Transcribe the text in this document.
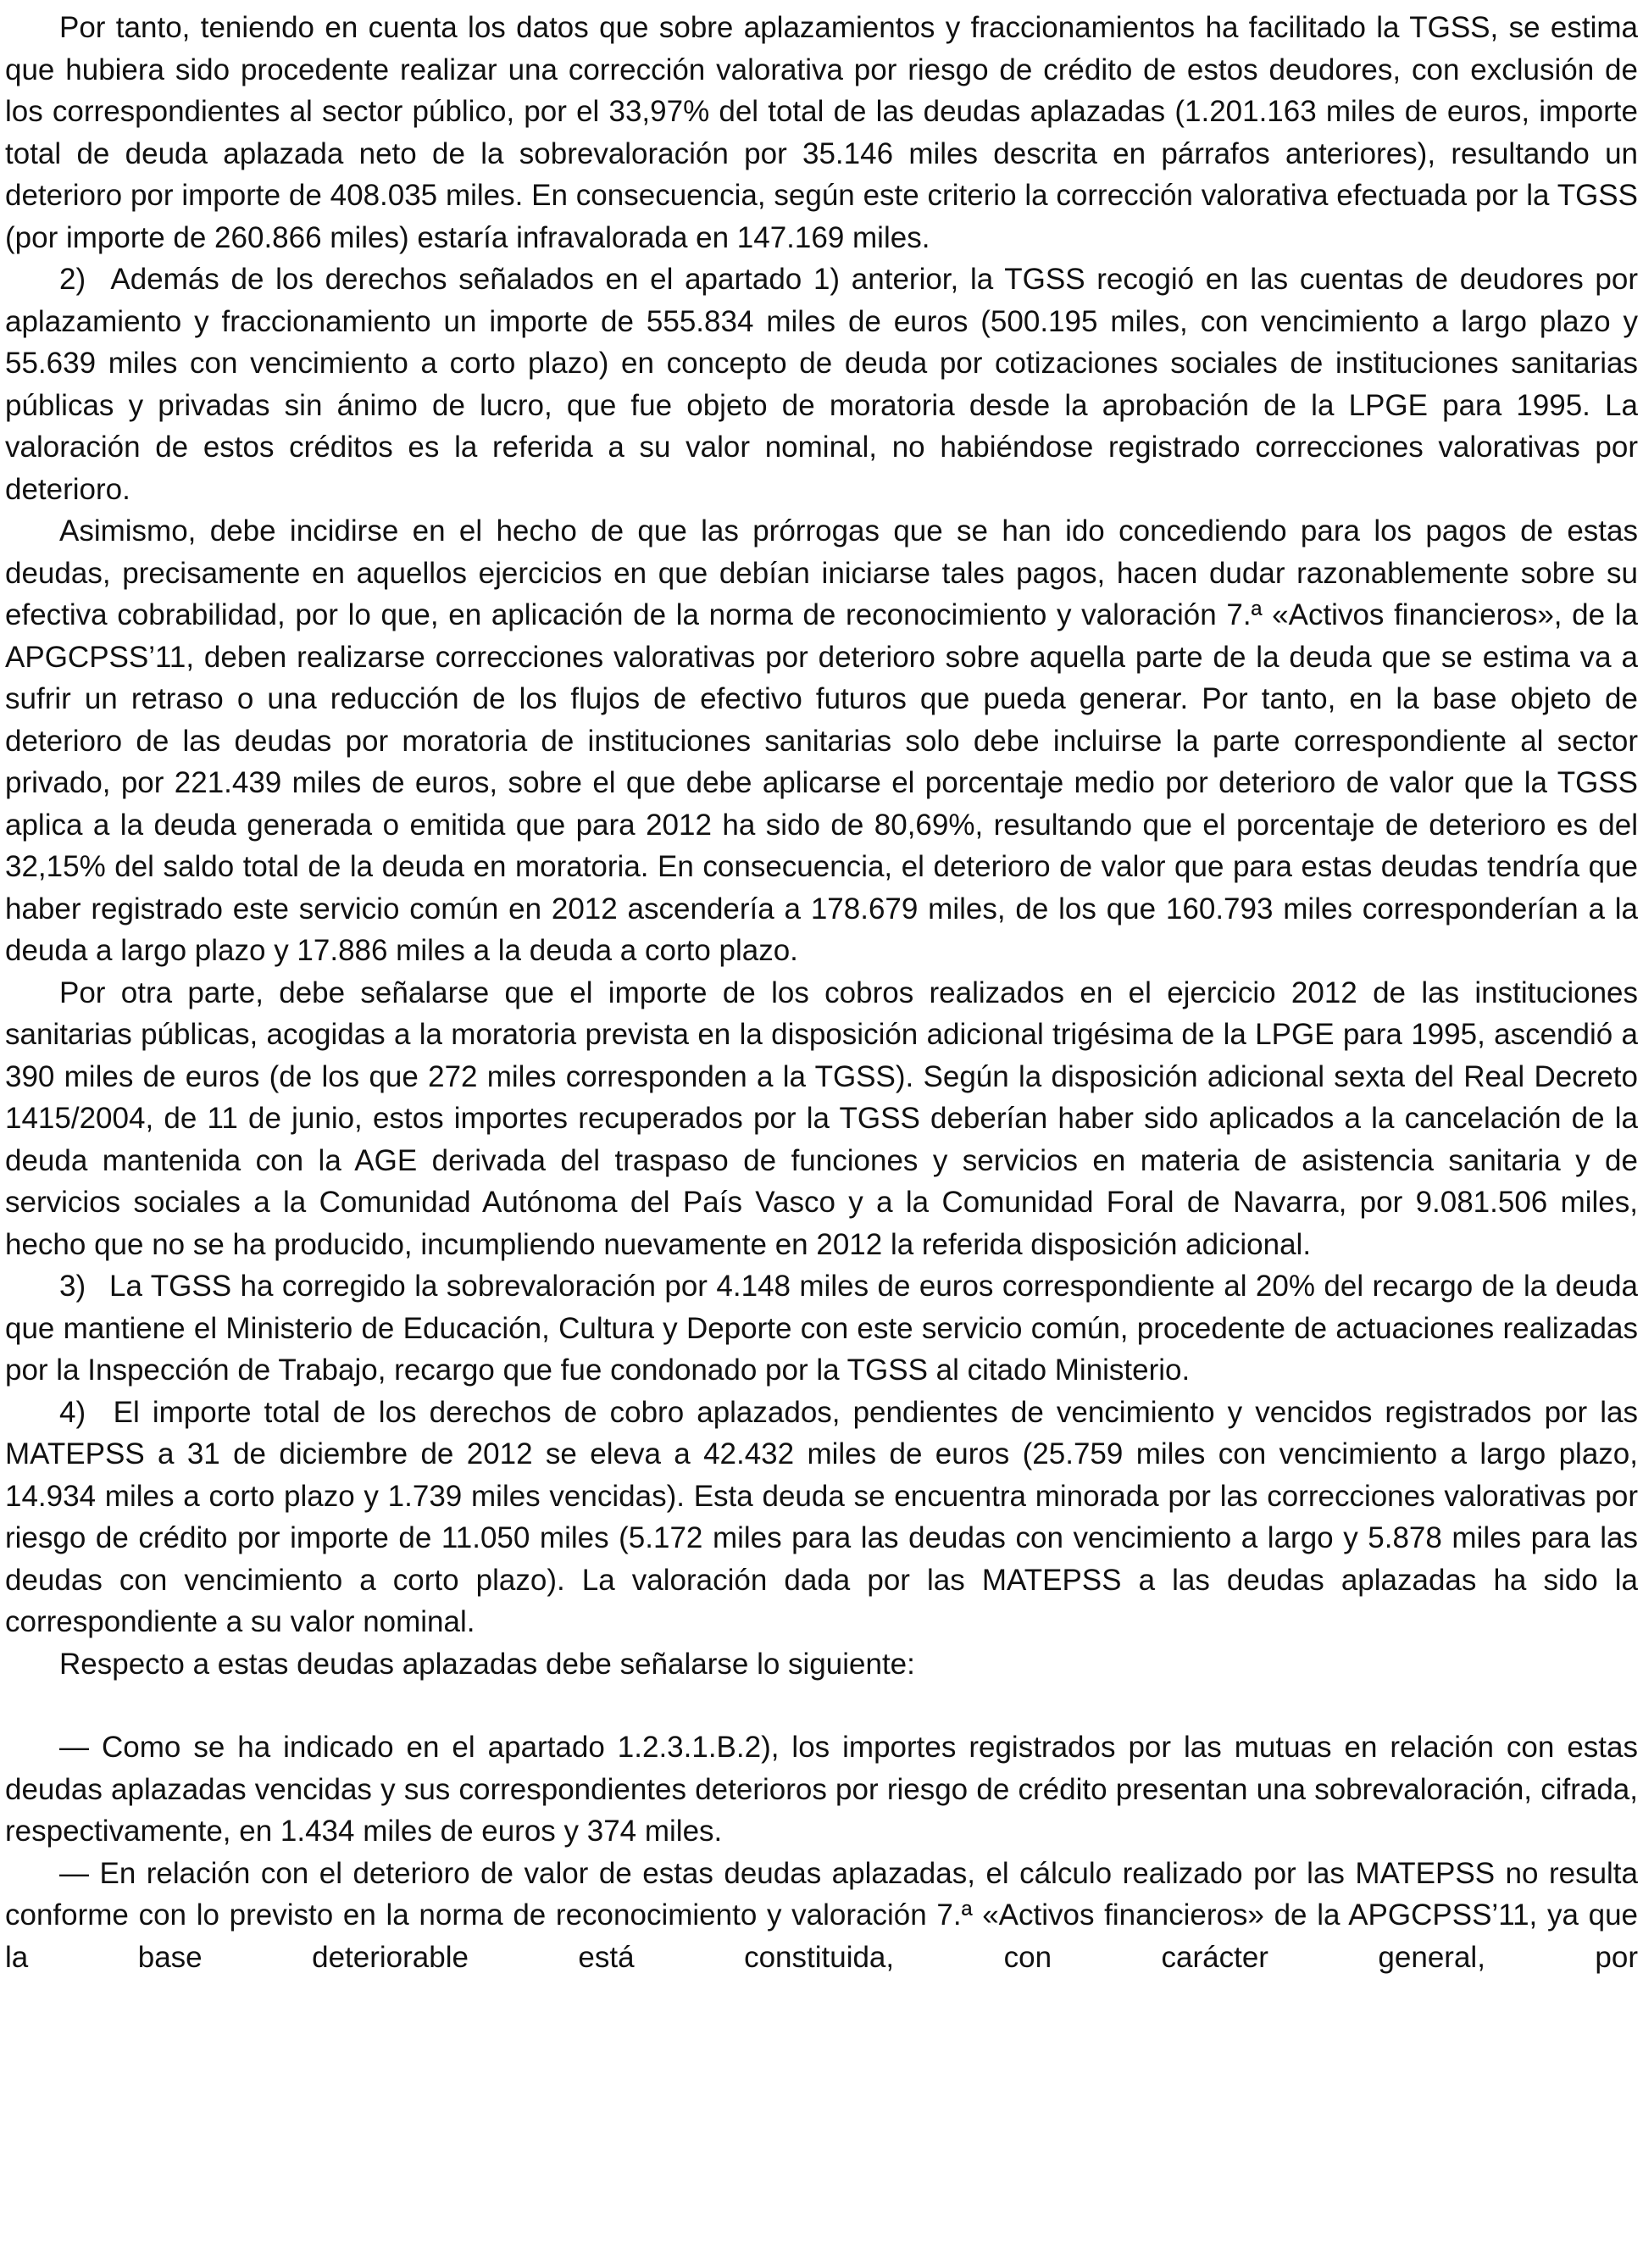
Por tanto, teniendo en cuenta los datos que sobre aplazamientos y fraccionamientos ha facilitado la TGSS, se estima que hubiera sido procedente realizar una corrección valorativa por riesgo de crédito de estos deudores, con exclusión de los correspondientes al sector público, por el 33,97% del total de las deudas aplazadas (1.201.163 miles de euros, importe total de deuda aplazada neto de la sobrevaloración por 35.146 miles descrita en párrafos anteriores), resultando un deterioro por importe de 408.035 miles. En consecuencia, según este criterio la corrección valorativa efectuada por la TGSS (por importe de 260.866 miles) estaría infravalorada en 147.169 miles.

2)  Además de los derechos señalados en el apartado 1) anterior, la TGSS recogió en las cuentas de deudores por aplazamiento y fraccionamiento un importe de 555.834 miles de euros (500.195 miles, con vencimiento a largo plazo y 55.639 miles con vencimiento a corto plazo) en concepto de deuda por cotizaciones sociales de instituciones sanitarias públicas y privadas sin ánimo de lucro, que fue objeto de moratoria desde la aprobación de la LPGE para 1995. La valoración de estos créditos es la referida a su valor nominal, no habiéndose registrado correcciones valorativas por deterioro.

Asimismo, debe incidirse en el hecho de que las prórrogas que se han ido concediendo para los pagos de estas deudas, precisamente en aquellos ejercicios en que debían iniciarse tales pagos, hacen dudar razonablemente sobre su efectiva cobrabilidad, por lo que, en aplicación de la norma de reconocimiento y valoración 7.ª «Activos financieros», de la APGCPSS’11, deben realizarse correcciones valorativas por deterioro sobre aquella parte de la deuda que se estima va a sufrir un retraso o una reducción de los flujos de efectivo futuros que pueda generar. Por tanto, en la base objeto de deterioro de las deudas por moratoria de instituciones sanitarias solo debe incluirse la parte correspondiente al sector privado, por 221.439 miles de euros, sobre el que debe aplicarse el porcentaje medio por deterioro de valor que la TGSS aplica a la deuda generada o emitida que para 2012 ha sido de 80,69%, resultando que el porcentaje de deterioro es del 32,15% del saldo total de la deuda en moratoria. En consecuencia, el deterioro de valor que para estas deudas tendría que haber registrado este servicio común en 2012 ascendería a 178.679 miles, de los que 160.793 miles corresponderían a la deuda a largo plazo y 17.886 miles a la deuda a corto plazo.

Por otra parte, debe señalarse que el importe de los cobros realizados en el ejercicio 2012 de las instituciones sanitarias públicas, acogidas a la moratoria prevista en la disposición adicional trigésima de la LPGE para 1995, ascendió a 390 miles de euros (de los que 272 miles corresponden a la TGSS). Según la disposición adicional sexta del Real Decreto 1415/2004, de 11 de junio, estos importes recuperados por la TGSS deberían haber sido aplicados a la cancelación de la deuda mantenida con la AGE derivada del traspaso de funciones y servicios en materia de asistencia sanitaria y de servicios sociales a la Comunidad Autónoma del País Vasco y a la Comunidad Foral de Navarra, por 9.081.506 miles, hecho que no se ha producido, incumpliendo nuevamente en 2012 la referida disposición adicional.

3)  La TGSS ha corregido la sobrevaloración por 4.148 miles de euros correspondiente al 20% del recargo de la deuda que mantiene el Ministerio de Educación, Cultura y Deporte con este servicio común, procedente de actuaciones realizadas por la Inspección de Trabajo, recargo que fue condonado por la TGSS al citado Ministerio.

4)  El importe total de los derechos de cobro aplazados, pendientes de vencimiento y vencidos registrados por las MATEPSS a 31 de diciembre de 2012 se eleva a 42.432 miles de euros (25.759 miles con vencimiento a largo plazo, 14.934 miles a corto plazo y 1.739 miles vencidas). Esta deuda se encuentra minorada por las correcciones valorativas por riesgo de crédito por importe de 11.050 miles (5.172 miles para las deudas con vencimiento a largo y 5.878 miles para las deudas con vencimiento a corto plazo). La valoración dada por las MATEPSS a las deudas aplazadas ha sido la correspondiente a su valor nominal.

Respecto a estas deudas aplazadas debe señalarse lo siguiente:

— Como se ha indicado en el apartado 1.2.3.1.B.2), los importes registrados por las mutuas en relación con estas deudas aplazadas vencidas y sus correspondientes deterioros por riesgo de crédito presentan una sobrevaloración, cifrada, respectivamente, en 1.434 miles de euros y 374 miles.

— En relación con el deterioro de valor de estas deudas aplazadas, el cálculo realizado por las MATEPSS no resulta conforme con lo previsto en la norma de reconocimiento y valoración 7.ª «Activos financieros» de la APGCPSS’11, ya que la base deteriorable está constituida, con carácter general, por
